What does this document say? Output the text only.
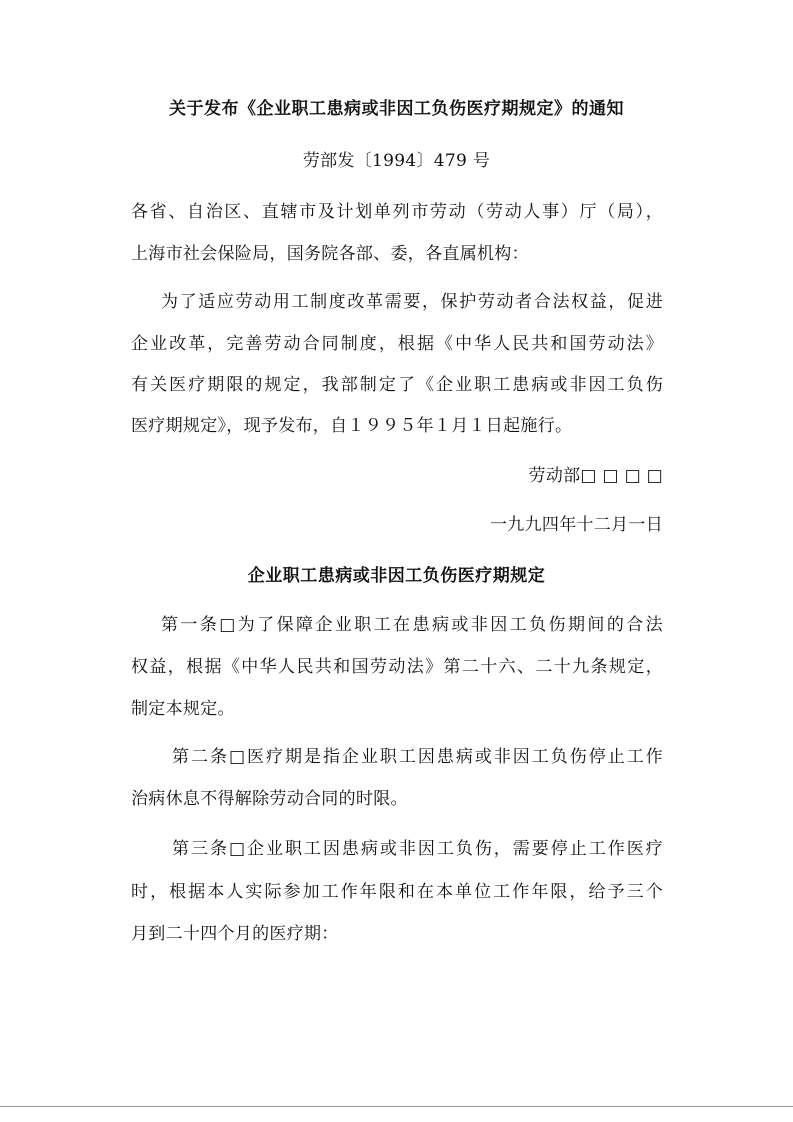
关于发布《企业职工患病或非因工负伤医疗期规定》的通知
劳部发〔1994〕479 号
各省、自治区、直辖市及计划单列市劳动（劳动人事）厅（局），
上海市社会保险局，国务院各部、委，各直属机构：
为了适应劳动用工制度改革需要，保护劳动者合法权益，促进
企业改革，完善劳动合同制度，根据《中华人民共和国劳动法》
有关医疗期限的规定，我部制定了《企业职工患病或非因工负伤
医疗期规定》，现予发布，自１９９５年１月１日起施行。
劳动部□ □ □ □
一九九四年十二月一日
企业职工患病或非因工负伤医疗期规定
第一条□为了保障企业职工在患病或非因工负伤期间的合法
权益，根据《中华人民共和国劳动法》第二十六、二十九条规定，
制定本规定。
第二条□医疗期是指企业职工因患病或非因工负伤停止工作
治病休息不得解除劳动合同的时限。
第三条□企业职工因患病或非因工负伤，需要停止工作医疗
时，根据本人实际参加工作年限和在本单位工作年限，给予三个
月到二十四个月的医疗期：
